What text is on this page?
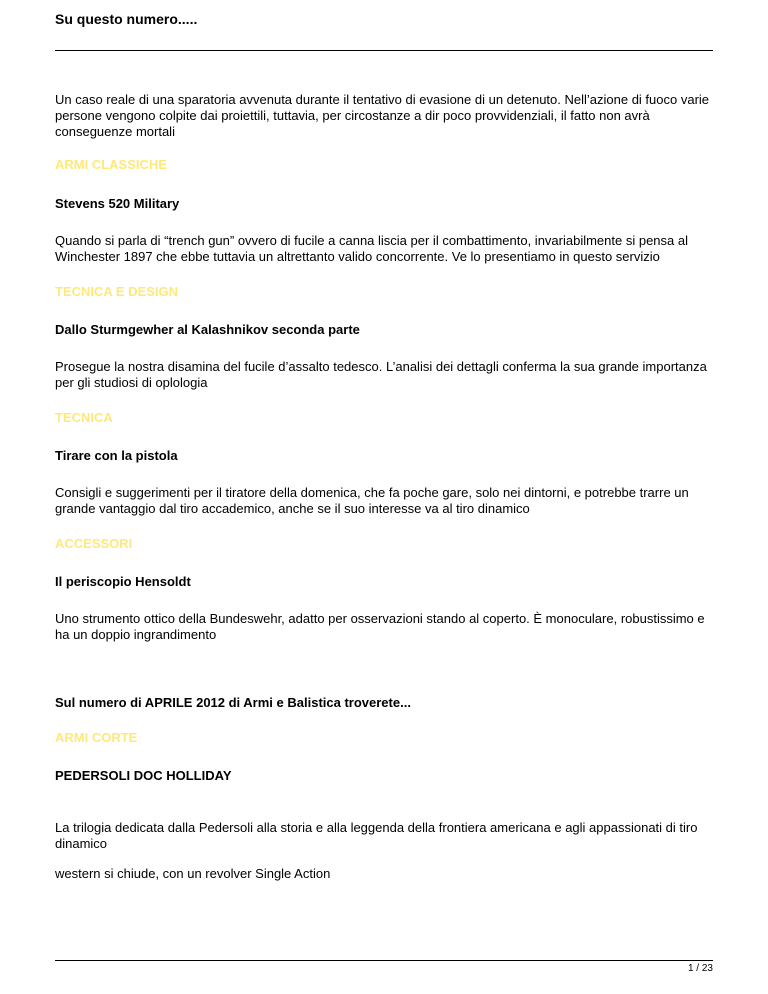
Su questo numero.....
Un caso reale di una sparatoria avvenuta durante il tentativo di evasione di un detenuto. Nell’azione di fuoco varie persone vengono colpite dai proiettili, tuttavia, per circostanze a dir poco provvidenziali, il fatto non avrà conseguenze mortali
ARMI CLASSICHE
Stevens 520 Military
Quando si parla di “trench gun” ovvero di fucile a canna liscia per il combattimento, invariabilmente si pensa al Winchester 1897 che ebbe tuttavia un altrettanto valido concorrente. Ve lo presentiamo in questo servizio
TECNICA E DESIGN
Dallo Sturmgewher al Kalashnikov seconda parte
Prosegue la nostra disamina del fucile d’assalto tedesco. L’analisi dei dettagli conferma la sua grande importanza per gli studiosi di oplologia
TECNICA
Tirare con la pistola
Consigli e suggerimenti per il tiratore della domenica, che fa poche gare, solo nei dintorni, e potrebbe trarre un grande vantaggio dal tiro accademico, anche se il suo interesse va al tiro dinamico
ACCESSORI
Il periscopio Hensoldt
Uno strumento ottico della Bundeswehr, adatto per osservazioni stando al coperto. È monoculare, robustissimo e ha un doppio ingrandimento
Sul numero di APRILE 2012 di Armi e Balistica troverete...
ARMI CORTE
PEDERSOLI DOC HOLLIDAY
La trilogia dedicata dalla Pedersoli alla storia e alla leggenda della frontiera americana e agli appassionati di tiro dinamico
western si chiude, con un revolver Single Action
1 / 23
